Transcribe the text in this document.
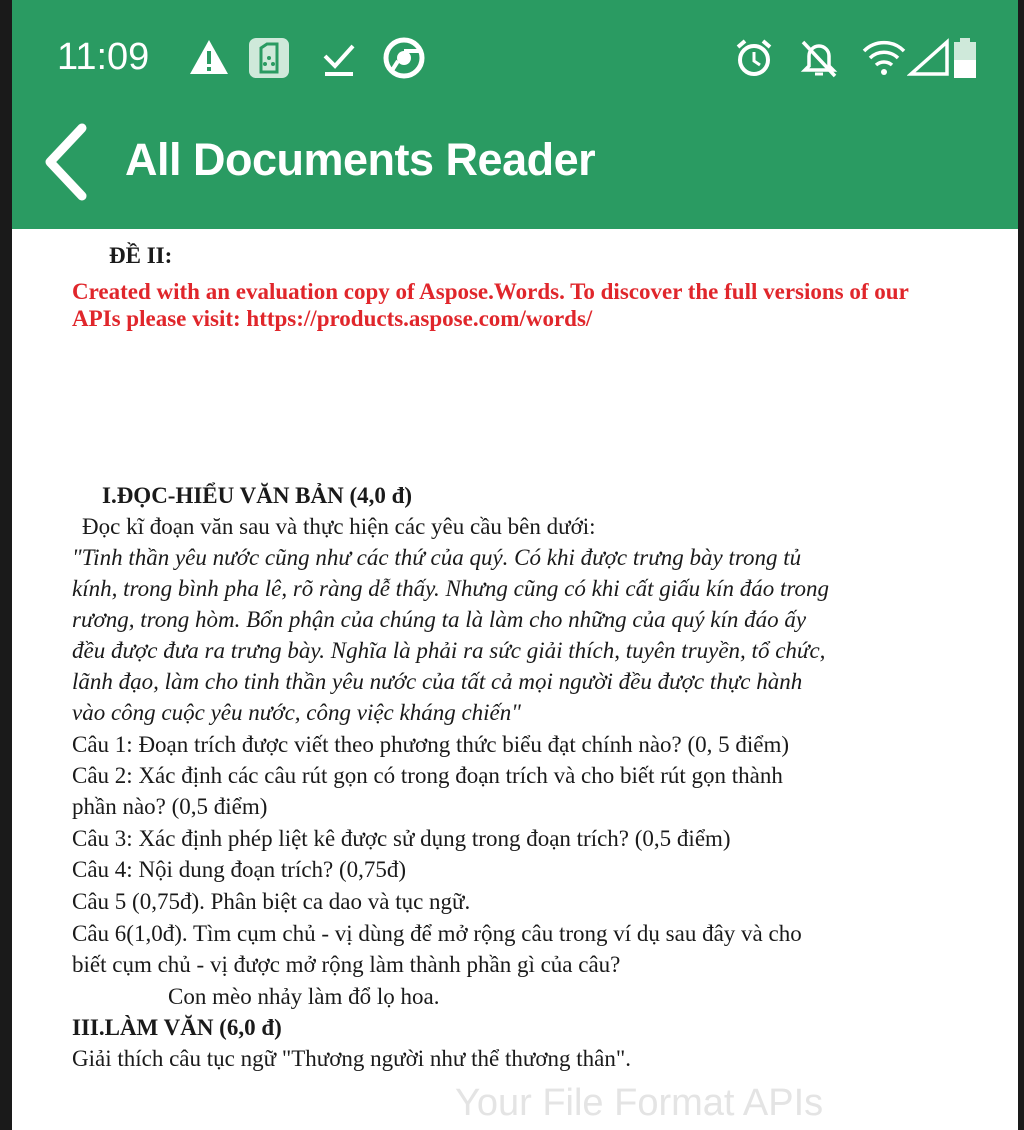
11:09
All Documents Reader
ĐỀ II:
Created with an evaluation copy of Aspose.Words. To discover the full versions of our
APIs please visit: https://products.aspose.com/words/
I.ĐỌC-HIỂU VĂN BẢN (4,0 đ)
Đọc kĩ đoạn văn sau và thực hiện các yêu cầu bên dưới:
"Tinh thần yêu nước cũng như các thứ của quý. Có khi được trưng bày trong tủ
kính, trong bình pha lê, rõ ràng dễ thấy. Nhưng cũng có khi cất giấu kín đáo trong
rương, trong hòm. Bổn phận của chúng ta là làm cho những của quý kín đáo ấy
đều được đưa ra trưng bày. Nghĩa là phải ra sức giải thích, tuyên truyền, tổ chức,
lãnh đạo, làm cho tinh thần yêu nước của tất cả mọi người đều được thực hành
vào công cuộc yêu nước, công việc kháng chiến"
Câu 1: Đoạn trích được viết theo phương thức biểu đạt chính nào? (0, 5 điểm)
Câu 2: Xác định các câu rút gọn có trong đoạn trích và cho biết rút gọn thành
phần nào? (0,5 điểm)
Câu 3: Xác định phép liệt kê được sử dụng trong đoạn trích? (0,5 điểm)
Câu 4: Nội dung đoạn trích? (0,75đ)
Câu 5 (0,75đ). Phân biệt ca dao và tục ngữ.
Câu 6(1,0đ). Tìm cụm chủ - vị dùng để mở rộng câu trong ví dụ sau đây và cho
biết cụm chủ - vị được mở rộng làm thành phần gì của câu?
Con mèo nhảy làm đổ lọ hoa.
III.LÀM VĂN (6,0 đ)
Giải thích câu tục ngữ "Thương người như thể thương thân".
Your File Format APIs
